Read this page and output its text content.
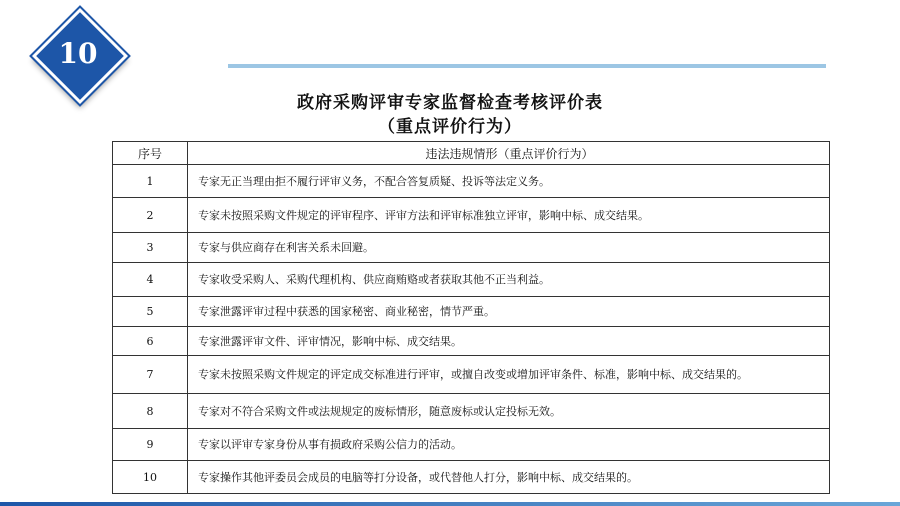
10
政府采购评审专家监督检查考核评价表
（重点评价行为）
序号	违法违规情形（重点评价行为）
1	专家无正当理由拒不履行评审义务，不配合答复质疑、投诉等法定义务。
2	专家未按照采购文件规定的评审程序、评审方法和评审标准独立评审，影响中标、成交结果。
3	专家与供应商存在利害关系未回避。
4	专家收受采购人、采购代理机构、供应商贿赂或者获取其他不正当利益。
5	专家泄露评审过程中获悉的国家秘密、商业秘密，情节严重。
6	专家泄露评审文件、评审情况，影响中标、成交结果。
7	专家未按照采购文件规定的评定成交标准进行评审，或擅自改变或增加评审条件、标准，影响中标、成交结果的。
8	专家对不符合采购文件或法规规定的废标情形，随意废标或认定投标无效。
9	专家以评审专家身份从事有损政府采购公信力的活动。
10	专家操作其他评委员会成员的电脑等打分设备，或代替他人打分，影响中标、成交结果的。
